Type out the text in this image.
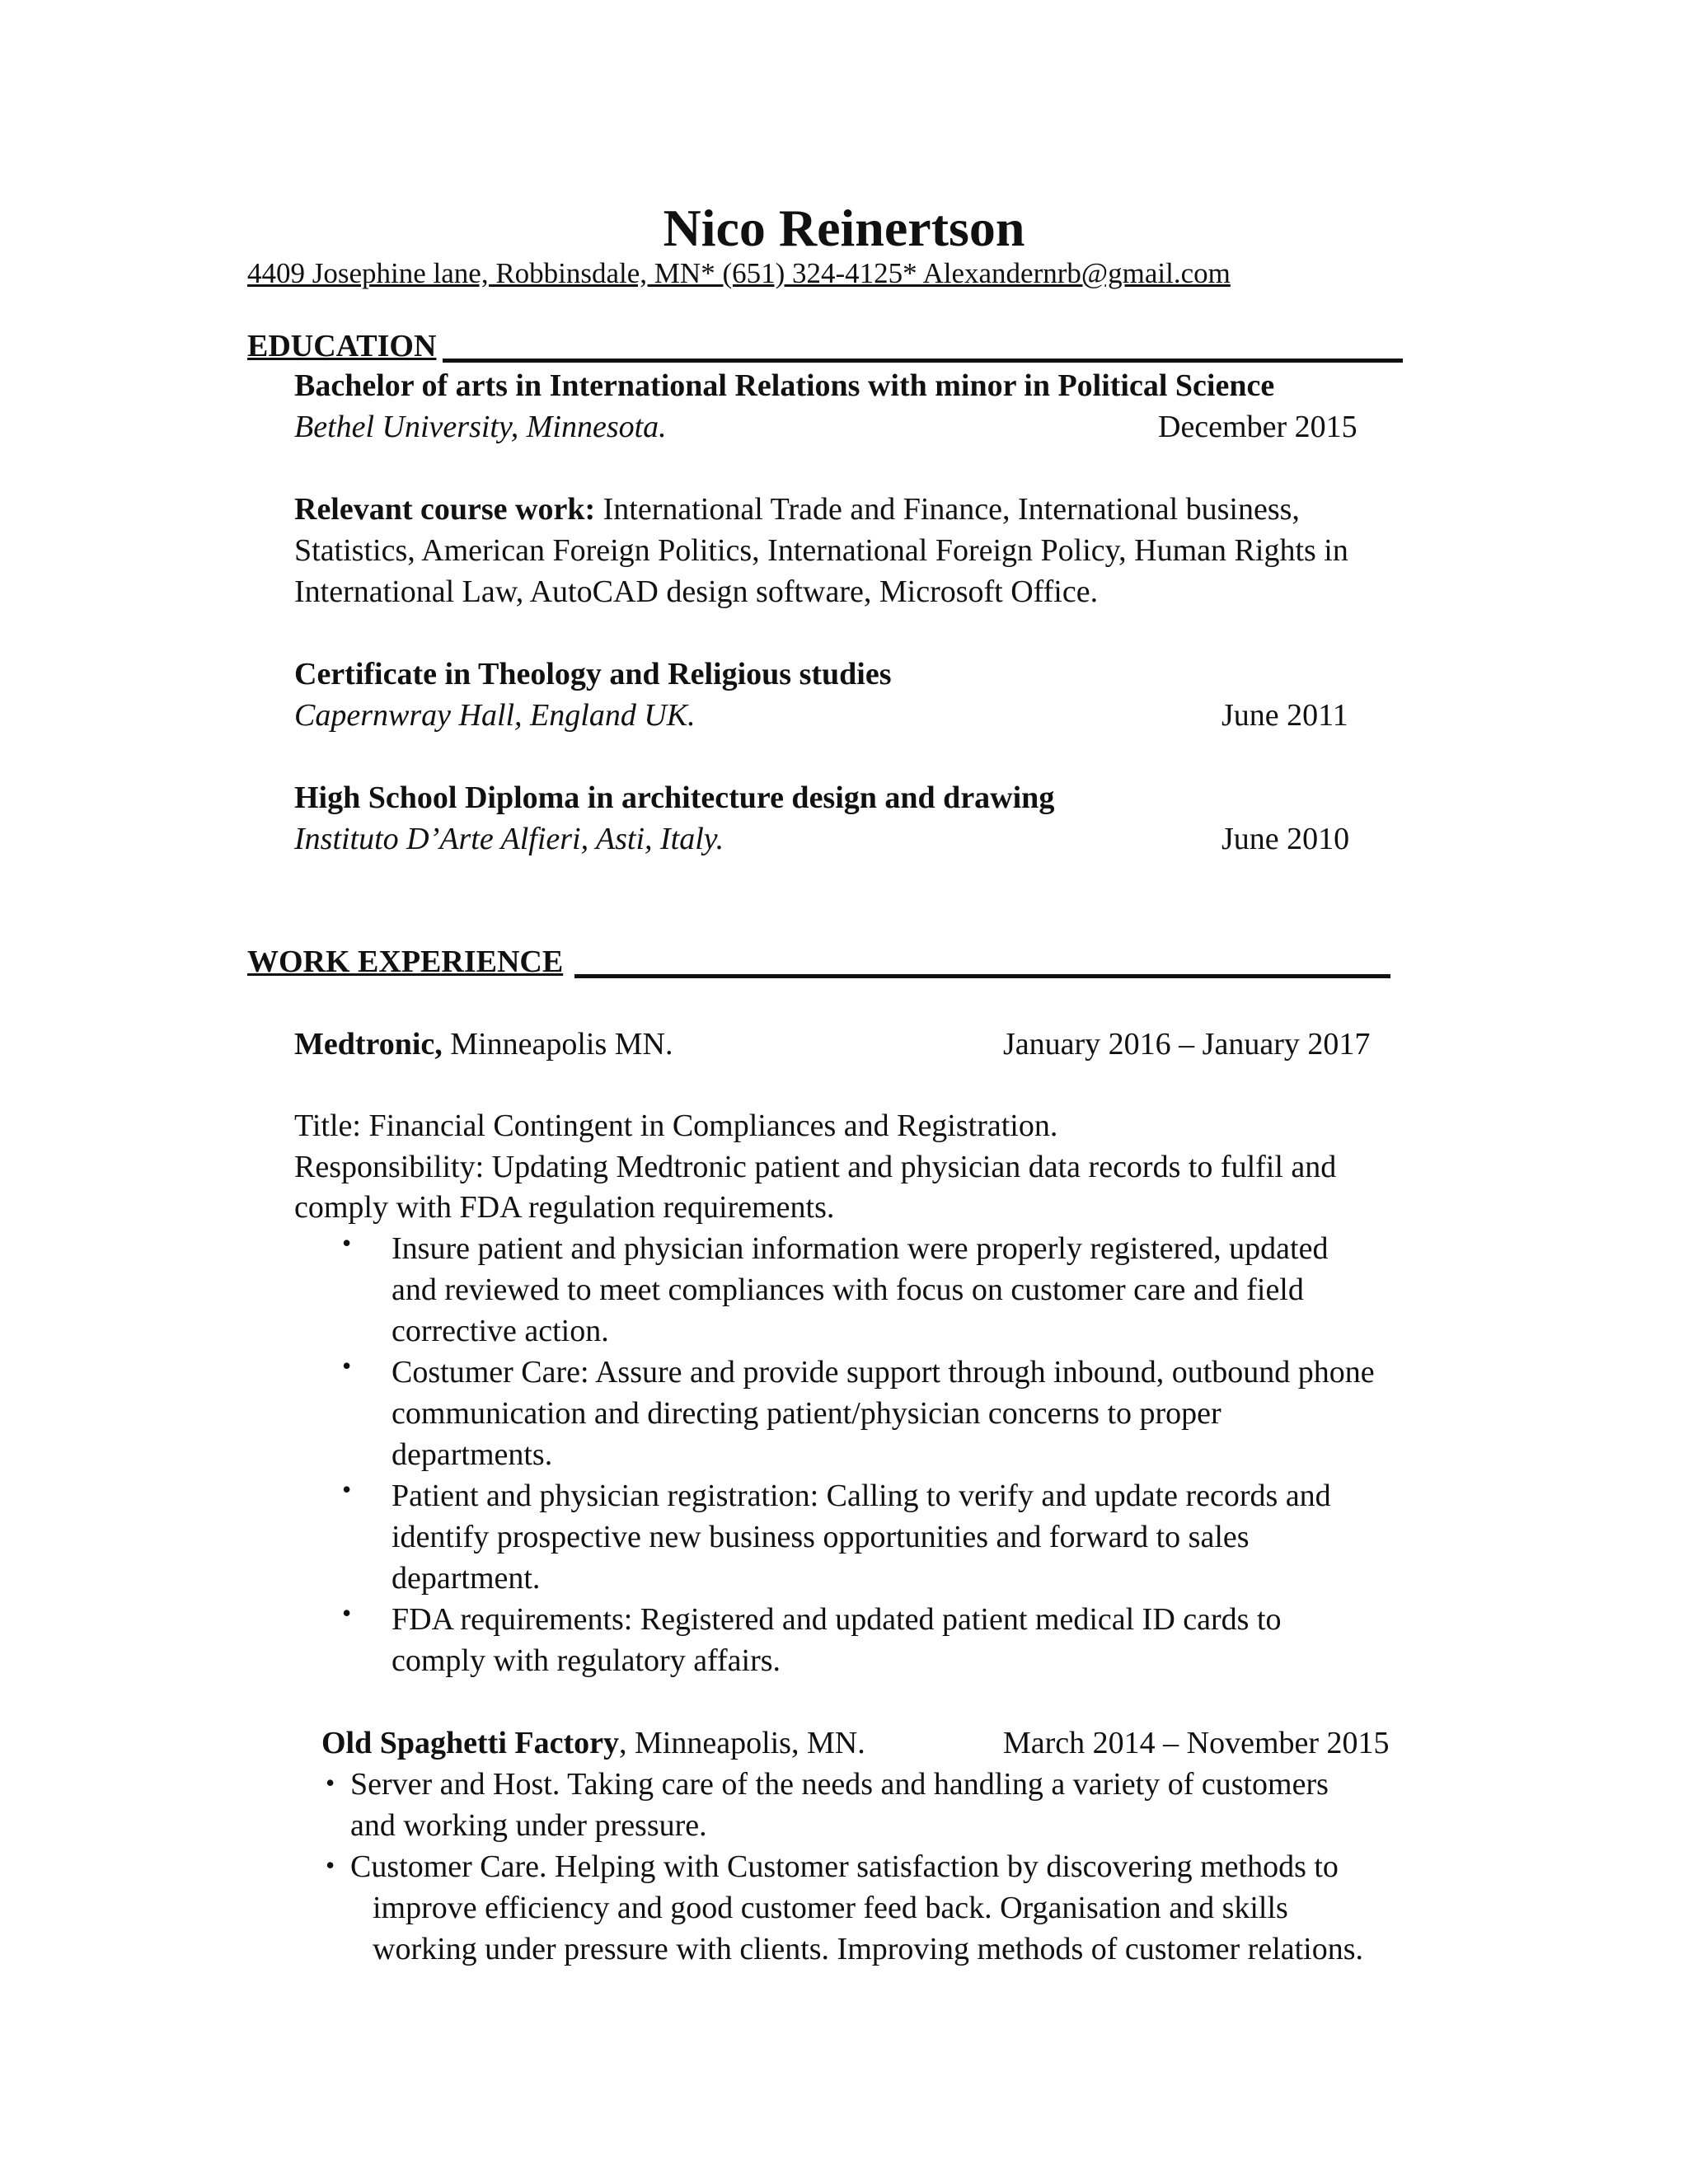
Nico Reinertson
4409 Josephine lane, Robbinsdale, MN* (651) 324-4125* Alexandernrb@gmail.com
EDUCATION
Bachelor of arts in International Relations with minor in Political Science
Bethel University, Minnesota.	December 2015
Relevant course work: International Trade and Finance, International business,
Statistics, American Foreign Politics, International Foreign Policy, Human Rights in
International Law, AutoCAD design software, Microsoft Office.
Certificate in Theology and Religious studies
Capernwray Hall, England UK.	June 2011
High School Diploma in architecture design and drawing
Instituto D’Arte Alfieri, Asti, Italy.	June 2010
WORK EXPERIENCE
Medtronic, Minneapolis MN.	January 2016 – January 2017
Title: Financial Contingent in Compliances and Registration.
Responsibility: Updating Medtronic patient and physician data records to fulfil and
comply with FDA regulation requirements.
• Insure patient and physician information were properly registered, updated
and reviewed to meet compliances with focus on customer care and field
corrective action.
• Costumer Care: Assure and provide support through inbound, outbound phone
communication and directing patient/physician concerns to proper
departments.
• Patient and physician registration: Calling to verify and update records and
identify prospective new business opportunities and forward to sales
department.
• FDA requirements: Registered and updated patient medical ID cards to
comply with regulatory affairs.
Old Spaghetti Factory, Minneapolis, MN.	March 2014 – November 2015
• Server and Host. Taking care of the needs and handling a variety of customers
and working under pressure.
• Customer Care. Helping with Customer satisfaction by discovering methods to
improve efficiency and good customer feed back. Organisation and skills
working under pressure with clients. Improving methods of customer relations.
